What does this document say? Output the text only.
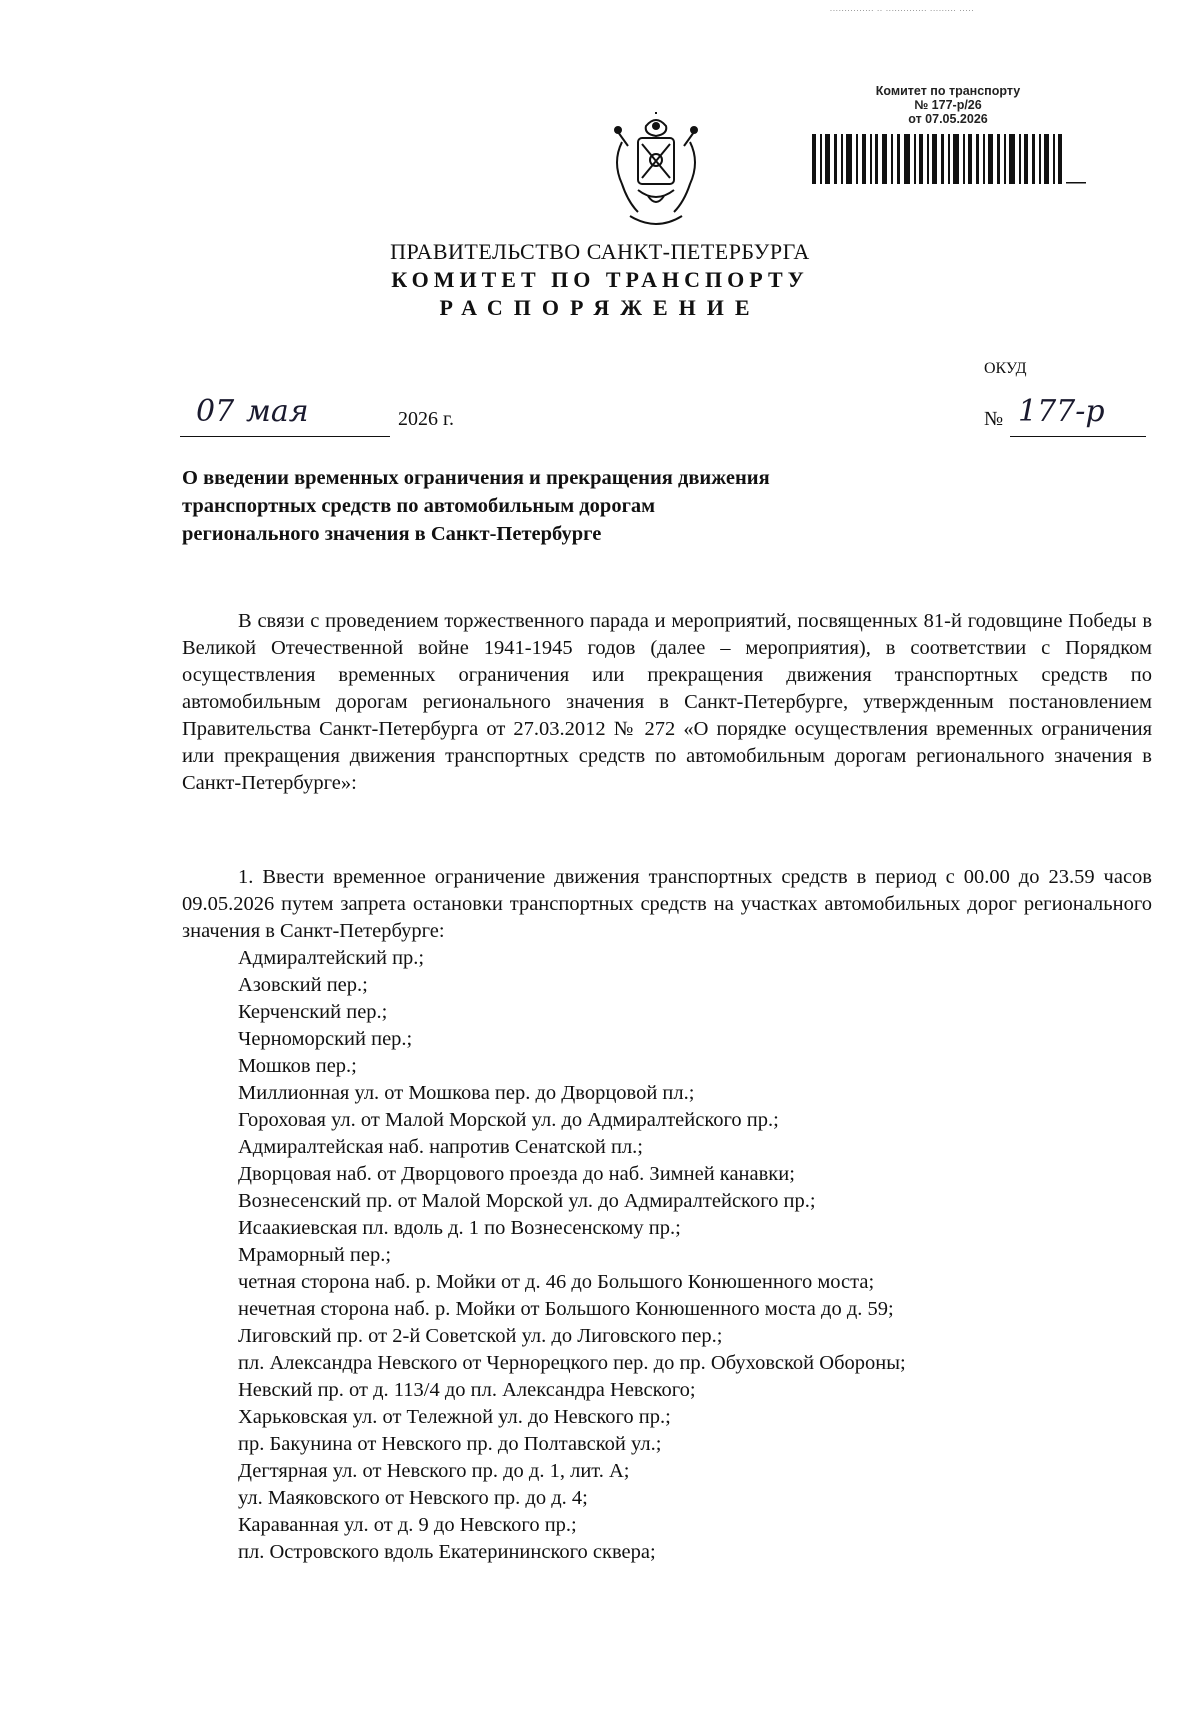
............... .. .............. ......... .....
Комитет по транспорту
№ 177-р/26
от 07.05.2026
ПРАВИТЕЛЬСТВО САНКТ-ПЕТЕРБУРГА
КОМИТЕТ ПО ТРАНСПОРТУ
РАСПОРЯЖЕНИЕ
ОКУД
07 мая	2026 г.	№ 177-р
О введении временных ограничения и прекращения движения транспортных средств по автомобильным дорогам регионального значения в Санкт-Петербурге
В связи с проведением торжественного парада и мероприятий, посвященных 81-й годовщине Победы в Великой Отечественной войне 1941-1945 годов (далее – мероприятия), в соответствии с Порядком осуществления временных ограничения или прекращения движения транспортных средств по автомобильным дорогам регионального значения в Санкт-Петербурге, утвержденным постановлением Правительства Санкт-Петербурга от 27.03.2012 № 272 «О порядке осуществления временных ограничения или прекращения движения транспортных средств по автомобильным дорогам регионального значения в Санкт-Петербурге»:
1. Ввести временное ограничение движения транспортных средств в период с 00.00 до 23.59 часов 09.05.2026 путем запрета остановки транспортных средств на участках автомобильных дорог регионального значения в Санкт-Петербурге:
Адмиралтейский пр.;
Азовский пер.;
Керченский пер.;
Черноморский пер.;
Мошков пер.;
Миллионная ул. от Мошкова пер. до Дворцовой пл.;
Гороховая ул. от Малой Морской ул. до Адмиралтейского пр.;
Адмиралтейская наб. напротив Сенатской пл.;
Дворцовая наб. от Дворцового проезда до наб. Зимней канавки;
Вознесенский пр. от Малой Морской ул. до Адмиралтейского пр.;
Исаакиевская пл. вдоль д. 1 по Вознесенскому пр.;
Мраморный пер.;
четная сторона наб. р. Мойки от д. 46 до Большого Конюшенного моста;
нечетная сторона наб. р. Мойки от Большого Конюшенного моста до д. 59;
Лиговский пр. от 2-й Советской ул. до Лиговского пер.;
пл. Александра Невского от Чернорецкого пер. до пр. Обуховской Обороны;
Невский пр. от д. 113/4 до пл. Александра Невского;
Харьковская ул. от Тележной ул. до Невского пр.;
пр. Бакунина от Невского пр. до Полтавской ул.;
Дегтярная ул. от Невского пр. до д. 1, лит. А;
ул. Маяковского от Невского пр. до д. 4;
Караванная ул. от д. 9 до Невского пр.;
пл. Островского вдоль Екатерининского сквера;
